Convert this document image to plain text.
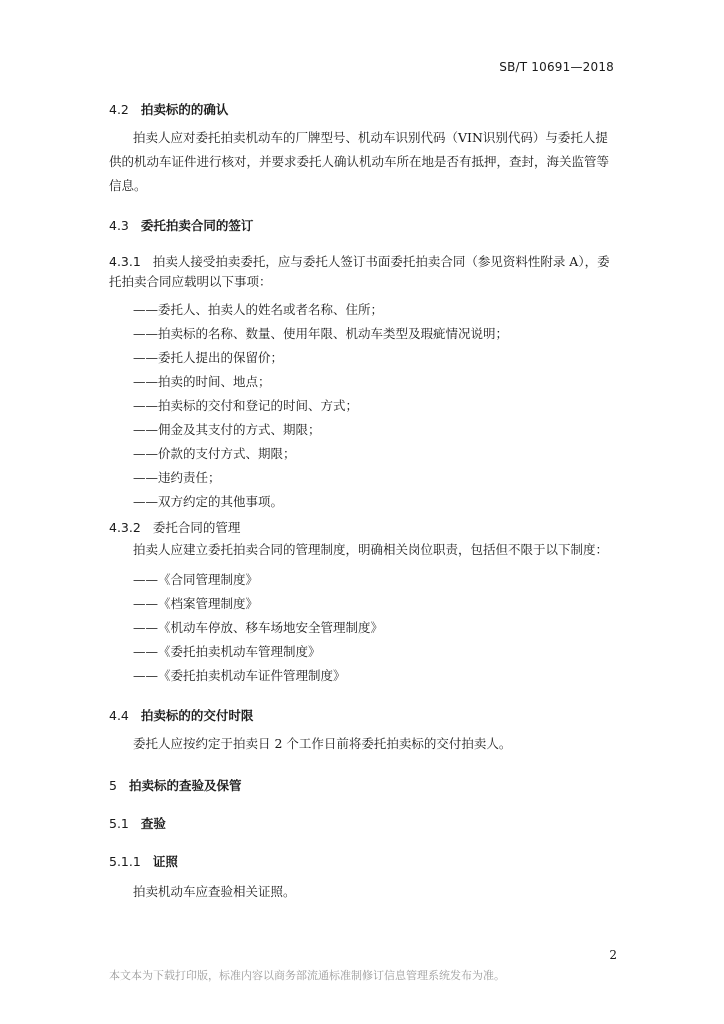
SB/T 10691—2018
4.2 拍卖标的的确认
拍卖人应对委托拍卖机动车的厂牌型号、机动车识别代码（VIN识别代码）与委托人提
供的机动车证件进行核对，并要求委托人确认机动车所在地是否有抵押，查封，海关监管等
信息。
4.3 委托拍卖合同的签订
4.3.1 拍卖人接受拍卖委托，应与委托人签订书面委托拍卖合同（参见资料性附录 A），委
托拍卖合同应载明以下事项：
——委托人、拍卖人的姓名或者名称、住所；
——拍卖标的名称、数量、使用年限、机动车类型及瑕疵情况说明；
——委托人提出的保留价；
——拍卖的时间、地点；
——拍卖标的交付和登记的时间、方式；
——佣金及其支付的方式、期限；
——价款的支付方式、期限；
——违约责任；
——双方约定的其他事项。
4.3.2 委托合同的管理
拍卖人应建立委托拍卖合同的管理制度，明确相关岗位职责，包括但不限于以下制度：
——《合同管理制度》
——《档案管理制度》
——《机动车停放、移车场地安全管理制度》
——《委托拍卖机动车管理制度》
——《委托拍卖机动车证件管理制度》
4.4 拍卖标的的交付时限
委托人应按约定于拍卖日 2 个工作日前将委托拍卖标的交付拍卖人。
5 拍卖标的查验及保管
5.1 查验
5.1.1 证照
拍卖机动车应查验相关证照。
2
本文本为下载打印版，标准内容以商务部流通标准制修订信息管理系统发布为准。
